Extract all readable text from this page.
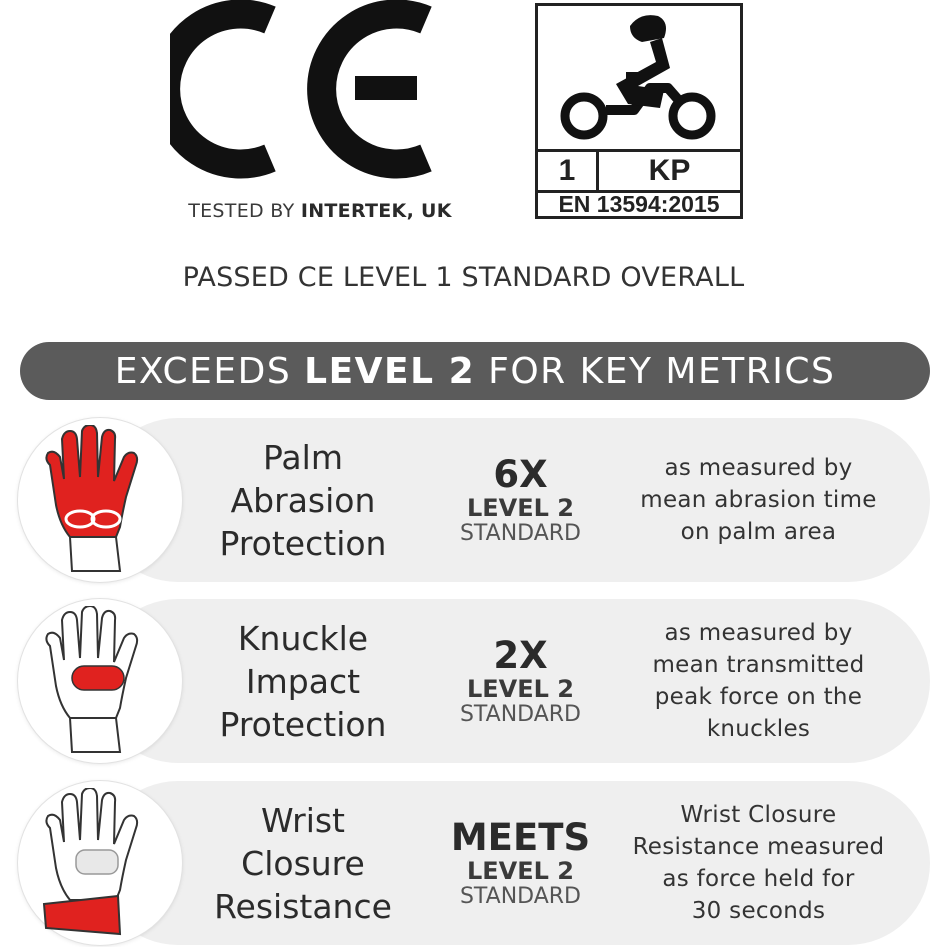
TESTED BY INTERTEK, UK
1	KP
EN 13594:2015
PASSED CE LEVEL 1 STANDARD OVERALL
EXCEEDS
LEVEL 2
FOR KEY METRICS
Palm
Abrasion
Protection
6X
LEVEL 2
STANDARD
as measured by
mean abrasion time
on palm area
Knuckle
Impact
Protection
2X
LEVEL 2
STANDARD
as measured by
mean transmitted
peak force on the
knuckles
Wrist
Closure
Resistance
MEETS
LEVEL 2
STANDARD
Wrist Closure
Resistance measured
as force held for
30 seconds
